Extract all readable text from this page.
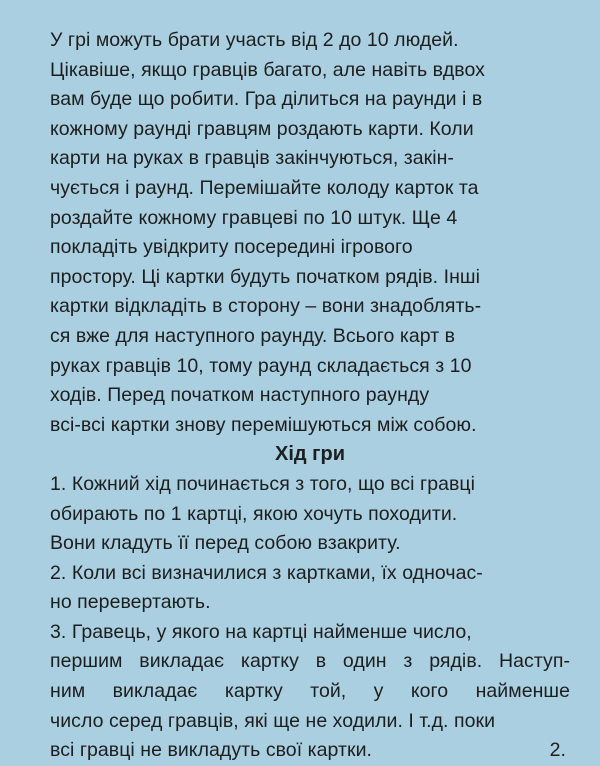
У грі можуть брати участь від 2 до 10 людей.
Цікавіше, якщо гравців багато, але навіть вдвох
вам буде що робити. Гра ділиться на раунди і в
кожному раунді гравцям роздають карти. Коли
карти на руках в гравців закінчуються, закін-
чується і раунд. Перемішайте колоду карток та
роздайте кожному гравцеві по 10 штук. Ще 4
покладіть увідкриту посередині ігрового
простору. Ці картки будуть початком рядів. Інші
картки відкладіть в сторону – вони знадоблять-
ся вже для наступного раунду. Всього карт в
руках гравців 10, тому раунд складається з 10
ходів. Перед початком наступного раунду
всі-всі картки знову перемішуються між собою.
Хід гри
1. Кожний хід починається з того, що всі гравці
обирають по 1 картці, якою хочуть походити.
Вони кладуть її перед собою взакриту.
2. Коли всі визначилися з картками, їх одночас-
но перевертають.
3. Гравець, у якого на картці найменше число,
першим викладає картку в один з рядів. Наступ-
ним викладає картку той, у кого найменше
число серед гравців, які ще не ходили. І т.д. поки
всі гравці не викладуть свої картки.	2.
